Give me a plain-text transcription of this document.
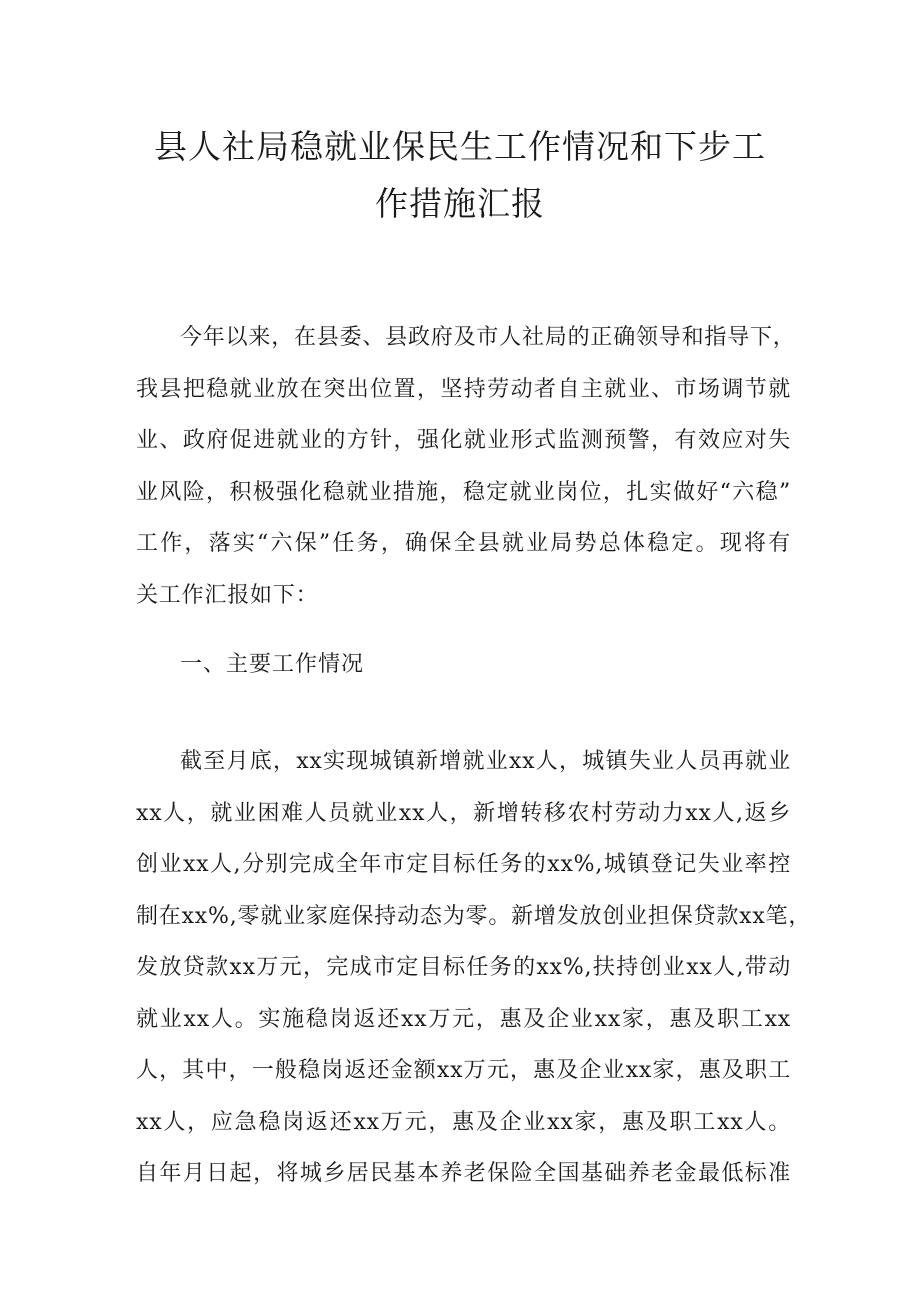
县人社局稳就业保民生工作情况和下步工
作措施汇报
今年以来，在县委、县政府及市人社局的正确领导和指导下，
我县把稳就业放在突出位置，坚持劳动者自主就业、市场调节就
业、政府促进就业的方针，强化就业形式监测预警，有效应对失
业风险，积极强化稳就业措施，稳定就业岗位，扎实做好“六稳”
工作，落实“六保”任务，确保全县就业局势总体稳定。现将有
关工作汇报如下：
一、主要工作情况
截至月底，xx实现城镇新增就业xx人，城镇失业人员再就业
xx人，就业困难人员就业xx人，新增转移农村劳动力xx人,返乡
创业xx人,分别完成全年市定目标任务的xx%,城镇登记失业率控
制在xx%,零就业家庭保持动态为零。新增发放创业担保贷款xx笔，
发放贷款xx万元，完成市定目标任务的xx%,扶持创业xx人,带动
就业xx人。实施稳岗返还xx万元，惠及企业xx家，惠及职工xx
人，其中，一般稳岗返还金额xx万元，惠及企业xx家，惠及职工
xx人，应急稳岗返还xx万元，惠及企业xx家，惠及职工xx人。
自年月日起，将城乡居民基本养老保险全国基础养老金最低标准
